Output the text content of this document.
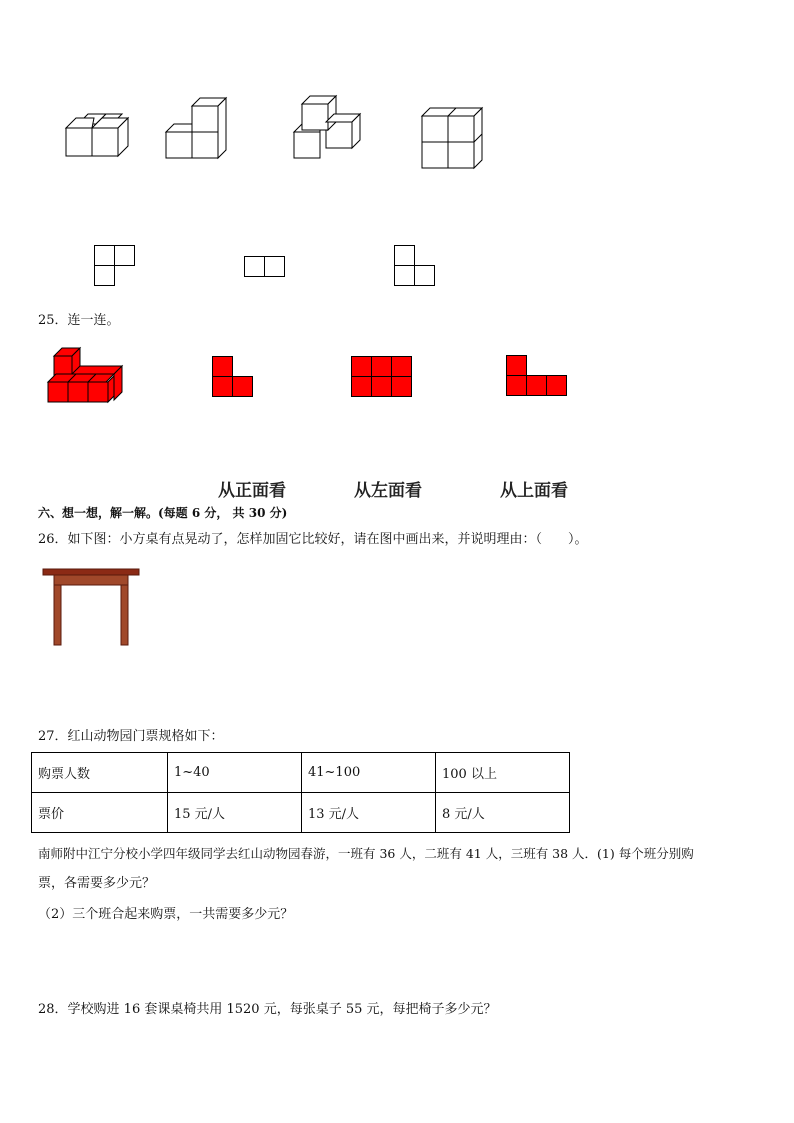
25．连一连。
从正面看	从左面看	从上面看
六、想一想，解一解。(每题 6 分， 共 30 分)
26．如下图：小方桌有点晃动了，怎样加固它比较好，请在图中画出来，并说明理由：（　　）。
27．红山动物园门票规格如下：
购票人数	1~40	41~100	100 以上
票价	15 元/人	13 元/人	8 元/人
南师附中江宁分校小学四年级同学去红山动物园春游，一班有 36 人，二班有 41 人，三班有 38 人．(1) 每个班分别购
票，各需要多少元？
（2）三个班合起来购票，一共需要多少元？
28．学校购进 16 套课桌椅共用 1520 元，每张桌子 55 元，每把椅子多少元？
